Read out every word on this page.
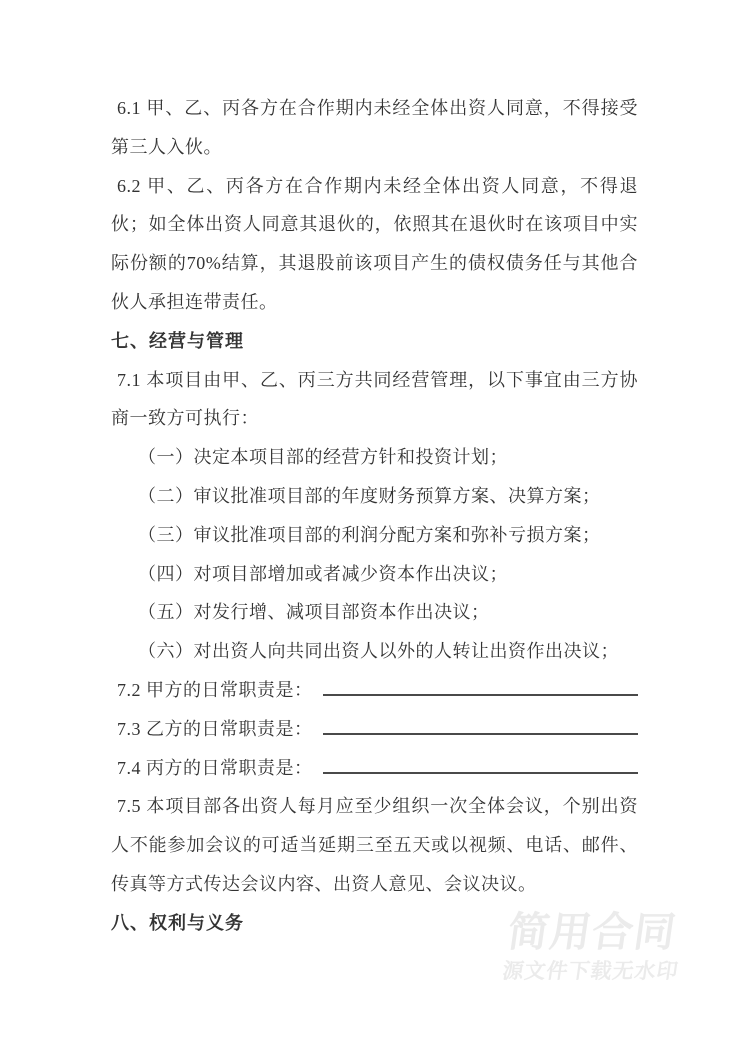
6.1 甲、乙、丙各方在合作期内未经全体出资人同意，不得接受第三人入伙。

6.2 甲、乙、丙各方在合作期内未经全体出资人同意，不得退伙；如全体出资人同意其退伙的，依照其在退伙时在该项目中实际份额的70%结算，其退股前该项目产生的债权债务任与其他合伙人承担连带责任。

七、经营与管理

7.1 本项目由甲、乙、丙三方共同经营管理，以下事宜由三方协商一致方可执行：

（一）决定本项目部的经营方针和投资计划；

（二）审议批准项目部的年度财务预算方案、决算方案；

（三）审议批准项目部的利润分配方案和弥补亏损方案；

（四）对项目部增加或者减少资本作出决议；

（五）对发行增、减项目部资本作出决议；

（六）对出资人向共同出资人以外的人转让出资作出决议；

7.2 甲方的日常职责是：

7.3 乙方的日常职责是：

7.4 丙方的日常职责是：

7.5 本项目部各出资人每月应至少组织一次全体会议，个别出资人不能参加会议的可适当延期三至五天或以视频、电话、邮件、传真等方式传达会议内容、出资人意见、会议决议。

八、权利与义务	简用合同
源文件下载无水印
